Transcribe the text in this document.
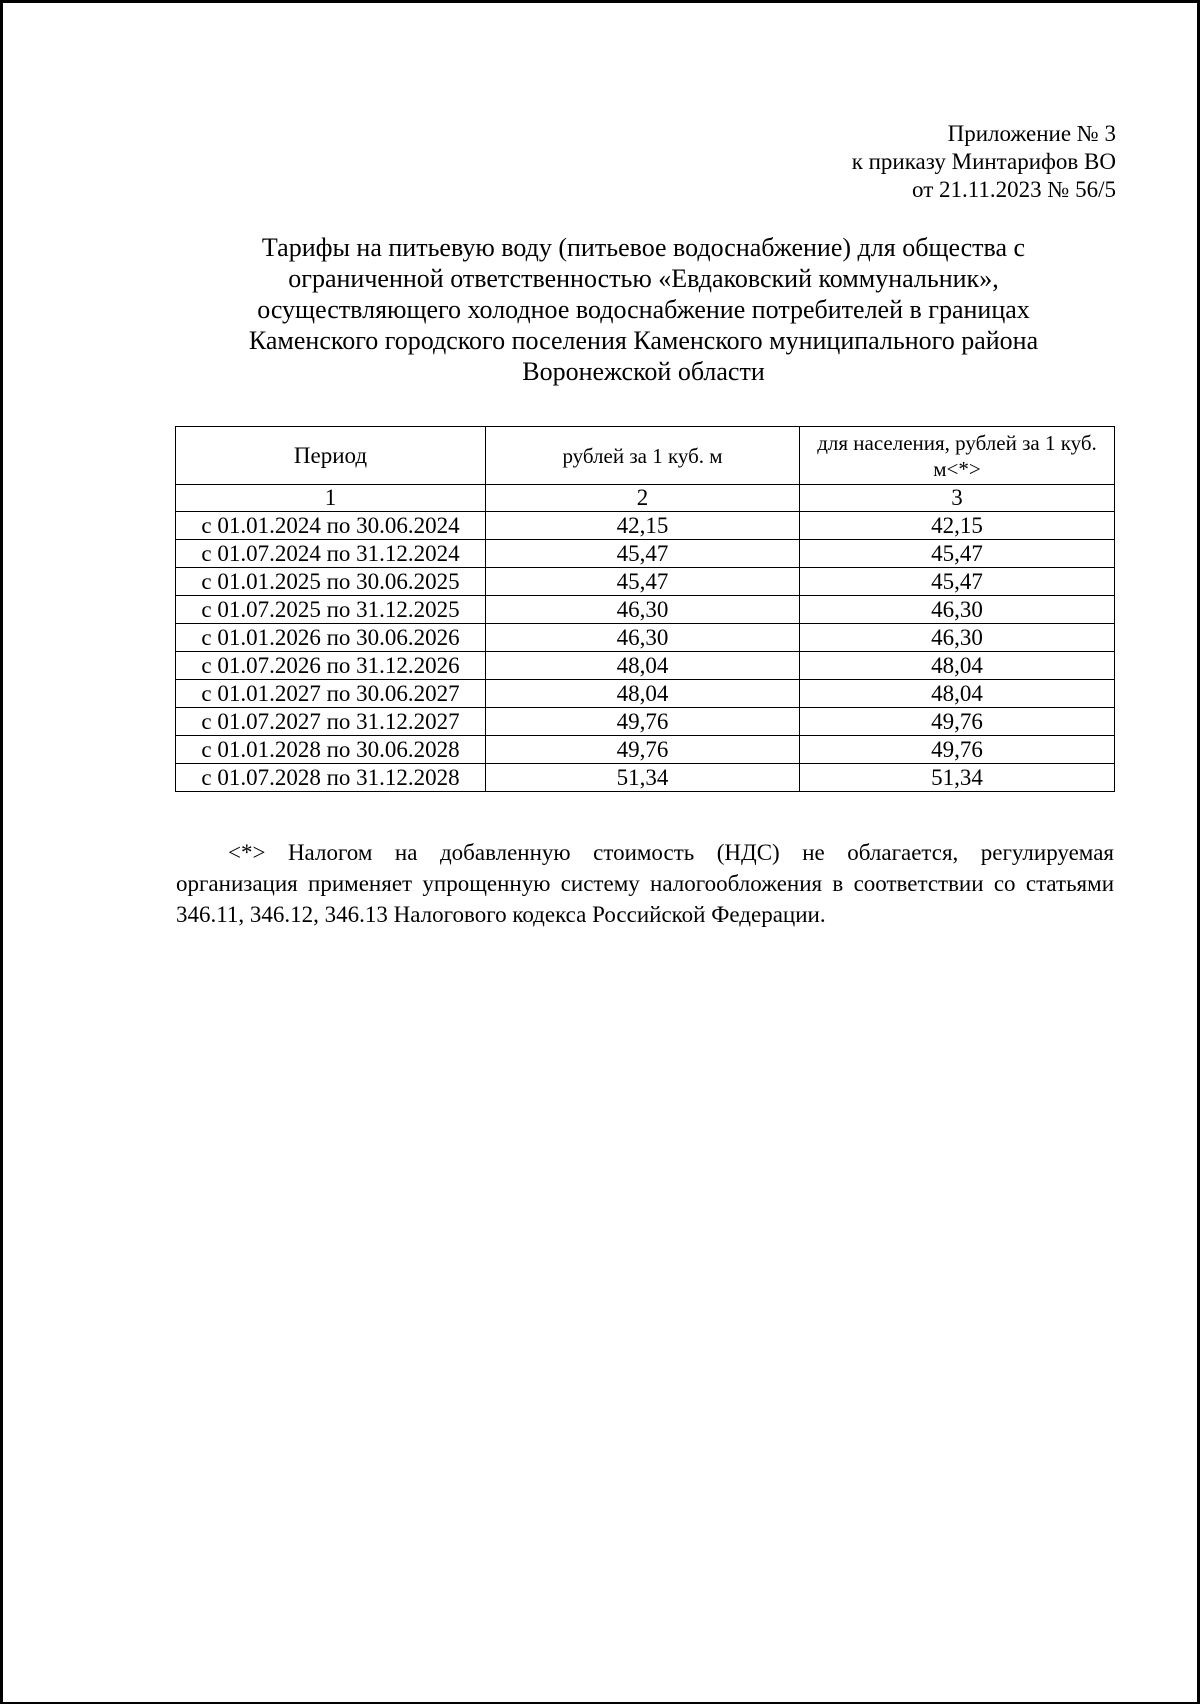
Приложение № 3
к приказу Минтарифов ВО
от 21.11.2023 № 56/5
Тарифы на питьевую воду (питьевое водоснабжение) для общества с
ограниченной ответственностью «Евдаковский коммунальник»,
осуществляющего холодное водоснабжение потребителей в границах
Каменского городского поселения Каменского муниципального района
Воронежской области
Период	рублей за 1 куб. м	для населения, рублей за 1 куб. м<*>
1	2	3
с 01.01.2024 по 30.06.2024	42,15	42,15
с 01.07.2024 по 31.12.2024	45,47	45,47
с 01.01.2025 по 30.06.2025	45,47	45,47
с 01.07.2025 по 31.12.2025	46,30	46,30
с 01.01.2026 по 30.06.2026	46,30	46,30
с 01.07.2026 по 31.12.2026	48,04	48,04
с 01.01.2027 по 30.06.2027	48,04	48,04
с 01.07.2027 по 31.12.2027	49,76	49,76
с 01.01.2028 по 30.06.2028	49,76	49,76
с 01.07.2028 по 31.12.2028	51,34	51,34
<*> Налогом на добавленную стоимость (НДС) не облагается, регулируемая
организация применяет упрощенную систему налогообложения в соответствии со статьями 346.11, 346.12, 346.13 Налогового кодекса Российской Федерации.
